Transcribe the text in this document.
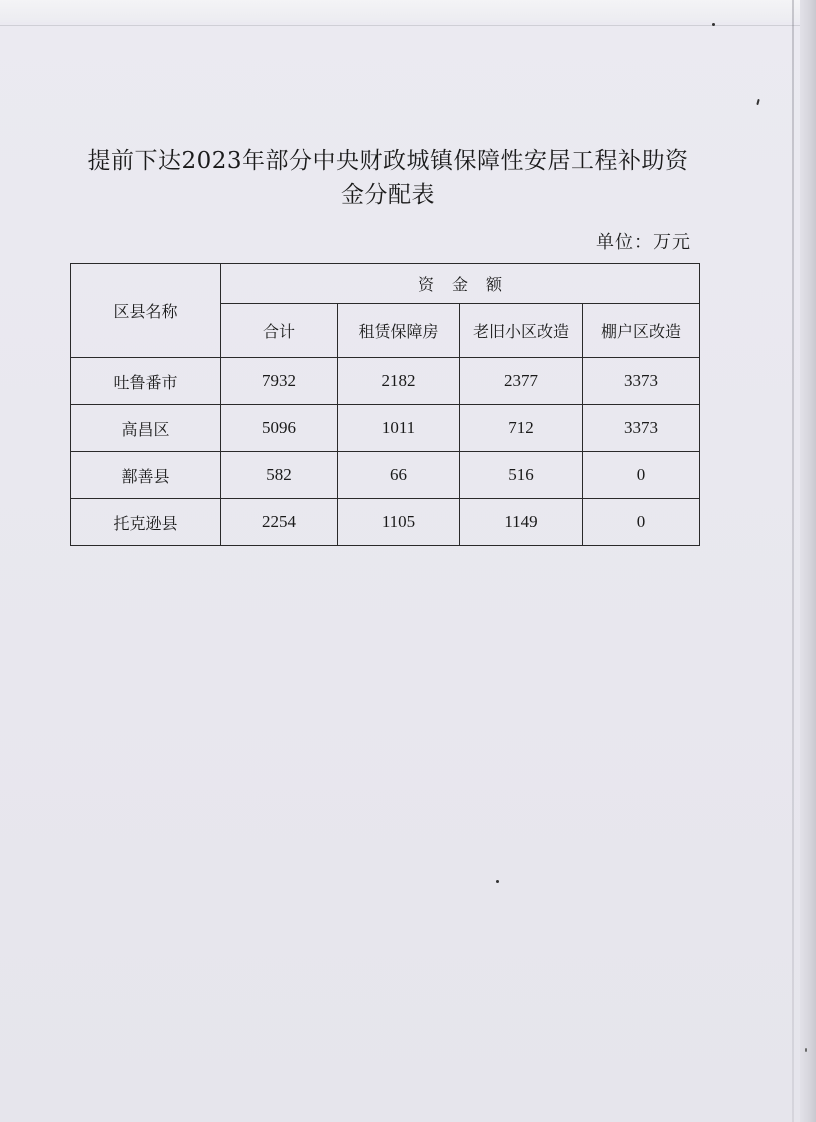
提前下达2023年部分中央财政城镇保障性安居工程补助资
金分配表
单位：万元
区县名称	资金额			
	合计	租赁保障房	老旧小区改造	棚户区改造
吐鲁番市	7932	2182	2377	3373
高昌区	5096	1011	712	3373
鄯善县	582	66	516	0
托克逊县	2254	1105	1149	0
